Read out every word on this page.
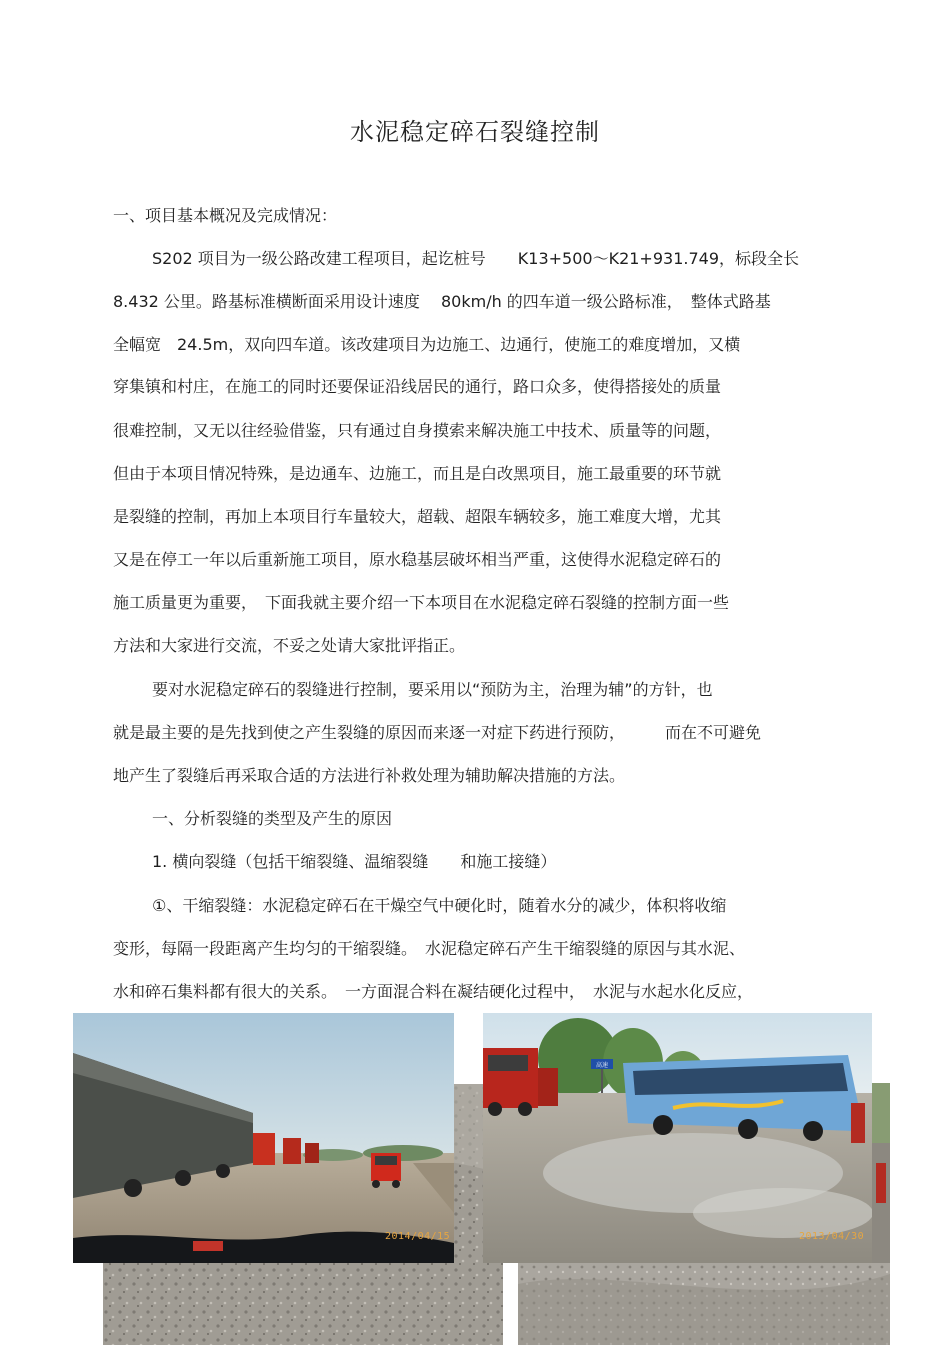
水泥稳定碎石裂缝控制
一、项目基本概况及完成情况：
S202 项目为一级公路改建工程项目，起讫桩号　　K13+500～K21+931.749，标段全长
8.432 公里。路基标准横断面采用设计速度　 80km/h 的四车道一级公路标准，　整体式路基
全幅宽　24.5m，双向四车道。该改建项目为边施工、边通行，使施工的难度增加，又横
穿集镇和村庄，在施工的同时还要保证沿线居民的通行，路口众多，使得搭接处的质量
很难控制，又无以往经验借鉴，只有通过自身摸索来解决施工中技术、质量等的问题，
但由于本项目情况特殊，是边通车、边施工，而且是白改黑项目，施工最重要的环节就
是裂缝的控制，再加上本项目行车量较大，超载、超限车辆较多，施工难度大增，尤其
又是在停工一年以后重新施工项目，原水稳基层破坏相当严重，这使得水泥稳定碎石的
施工质量更为重要，　下面我就主要介绍一下本项目在水泥稳定碎石裂缝的控制方面一些
方法和大家进行交流，不妥之处请大家批评指正。
要对水泥稳定碎石的裂缝进行控制，要采用以“预防为主，治理为辅”的方针，也
就是最主要的是先找到使之产生裂缝的原因而来逐一对症下药进行预防，　　　而在不可避免
地产生了裂缝后再采取合适的方法进行补救处理为辅助解决措施的方法。
一、分析裂缝的类型及产生的原因
1. 横向裂缝（包括干缩裂缝、温缩裂缝　　和施工接缝）
①、干缩裂缝：水泥稳定碎石在干燥空气中硬化时，随着水分的减少，体积将收缩
变形，每隔一段距离产生均匀的干缩裂缝。　水泥稳定碎石产生干缩裂缝的原因与其水泥、
水和碎石集料都有很大的关系。　一方面混合料在凝结硬化过程中，　水泥与水起水化反应，
2014/04/15
高速
2013/04/30
